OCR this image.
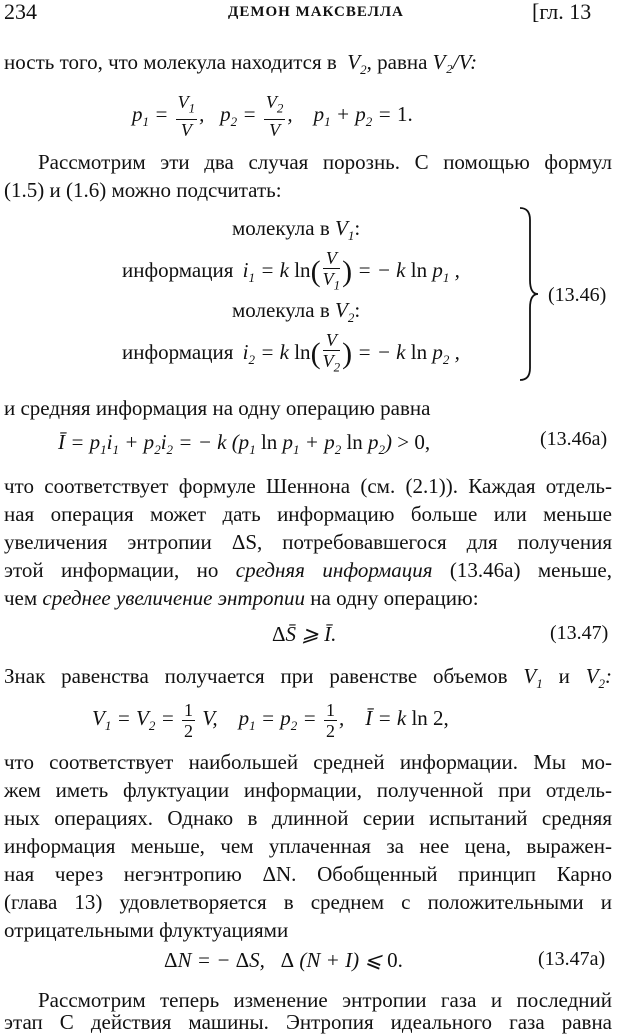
234	ДЕМОН МАКСВЕЛЛА	[гл. 13
ность того, что молекула находится в  $V_2$, равна V₂/V:
$p_1 = \frac{V_1}{V}$ ,   $p_2 = \frac{V_2}{V}$ ,    $p_1 + p_2 = 1$.
Рассмотрим эти два случая порознь. С помощью формул
(1.5) и (1.6) можно подсчитать:
молекула в $V_1$:
информация  $i_1 = k$ $\ln( \frac{V}{V_1}$ ) = − k $\ln p_1$ ,
молекула в $V_2$:
информация  $i_2 = k$ $\ln( \frac{V}{V_2}$ ) = − k $\ln p_2$ ,
(13.46)
и средняя информация на одну операцию равна
Ī = $p_1i_1 + p_2i_2$ = − k ($p_1$ $\ln p_1 + p_2$ $\ln p_2) > 0$,	(13.46a)
что соответствует формуле Шеннона (см. (2.1)). Каждая отдель-
ная операция может дать информацию больше или меньше
увеличения энтропии ΔS, потребовавшегося для получения
этой информации, но средняя информация (13.46a) меньше,
чем среднее увеличение энтропии на одну операцию:
ΔS̄ ⩾ Ī.	(13.47)
Знак равенства получается при равенстве объемов $V_1$ и $V_2$:
$V_1 = V_2 = \frac{1}{2} V$,    $p_1 = p_2 = \frac{1}{2}$ ,    Ī = k ln 2,
что соответствует наибольшей средней информации. Мы мо-
жем иметь флуктуации информации, полученной при отдель-
ных операциях. Однако в длинной серии испытаний средняя
информация меньше, чем уплаченная за нее цена, выражен-
ная через негэнтропию ΔN. Обобщенный принцип Карно
(глава 13) удовлетворяется в среднем с положительными и
отрицательными флуктуациями
ΔN = − ΔS,   Δ (N + I) ⩽ 0.	(13.47a)
Рассмотрим теперь изменение энтропии газа и последний
этап С действия машины. Энтропия идеального газа равна
